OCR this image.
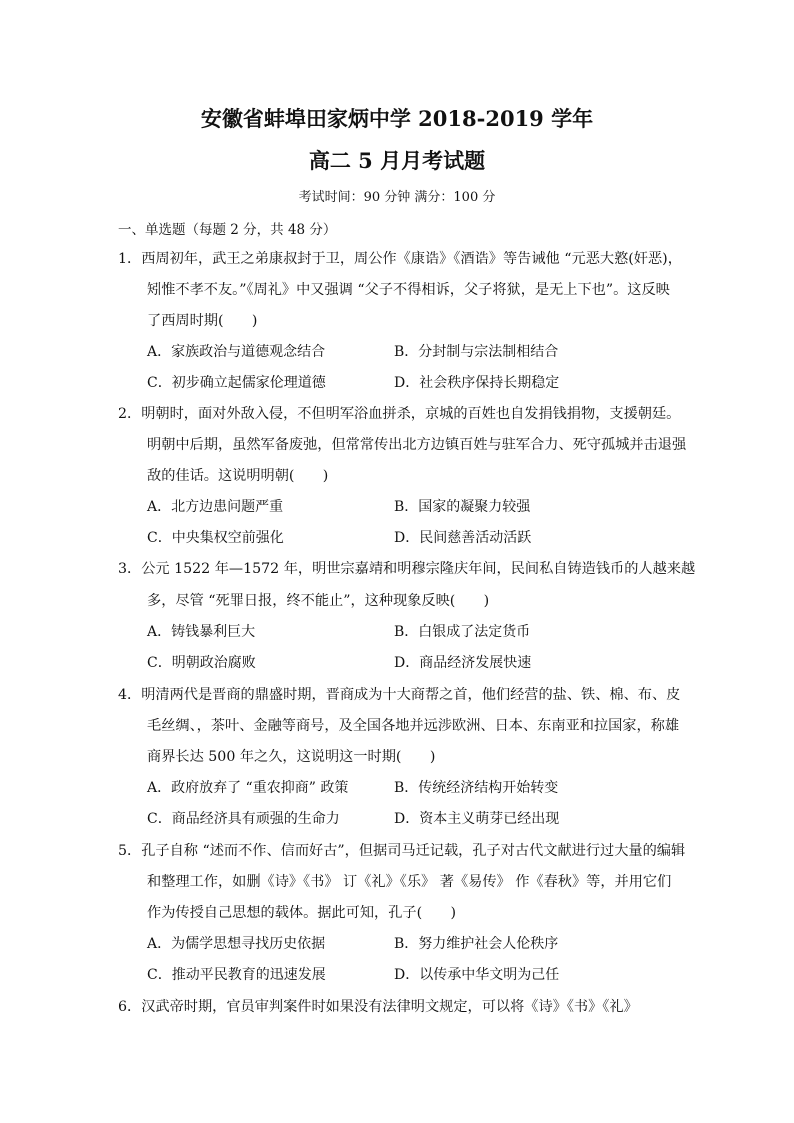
安徽省蚌埠田家炳中学 2018-2019 学年
高二 5 月月考试题
考试时间：90 分钟 满分：100 分
一、单选题（每题 2 分，共 48 分）
1．西周初年，武王之弟康叔封于卫，周公作《康诰》《酒诰》等告诫他 “元恶大憝(奸恶)，
矧惟不孝不友。”《周礼》中又强调 “父子不得相诉，父子将狱，是无上下也”。这反映
了西周时期(　　)
A．家族政治与道德观念结合	B．分封制与宗法制相结合
C．初步确立起儒家伦理道德	D．社会秩序保持长期稳定
2．明朝时，面对外敌入侵，不但明军浴血拼杀，京城的百姓也自发捐钱捐物，支援朝廷。
明朝中后期，虽然军备废弛，但常常传出北方边镇百姓与驻军合力、死守孤城并击退强
敌的佳话。这说明明朝(　　)
A．北方边患问题严重	B．国家的凝聚力较强
C．中央集权空前强化	D．民间慈善活动活跃
3．公元 1522 年—1572 年，明世宗嘉靖和明穆宗隆庆年间，民间私自铸造钱币的人越来越
多，尽管 “死罪日报，终不能止”，这种现象反映(　　)
A．铸钱暴利巨大	B．白银成了法定货币
C．明朝政治腐败	D．商品经济发展快速
4．明清两代是晋商的鼎盛时期，晋商成为十大商帮之首，他们经营的盐、铁、棉、布、皮
毛丝绸、，茶叶、金融等商号，及全国各地并远涉欧洲、日本、东南亚和拉国家，称雄
商界长达 500 年之久，这说明这一时期(　　)
A．政府放弃了 “重农抑商” 政策	B．传统经济结构开始转变
C．商品经济具有顽强的生命力	D．资本主义萌芽已经出现
5．孔子自称 “述而不作、信而好古”，但据司马迁记载，孔子对古代文献进行过大量的编辑
和整理工作，如删《诗》《书》 订《礼》《乐》 著《易传》 作《春秋》等，并用它们
作为传授自己思想的载体。据此可知，孔子(　　)
A．为儒学思想寻找历史依据	B．努力维护社会人伦秩序
C．推动平民教育的迅速发展	D．以传承中华文明为己任
6．汉武帝时期，官员审判案件时如果没有法律明文规定，可以将《诗》《书》《礼》
